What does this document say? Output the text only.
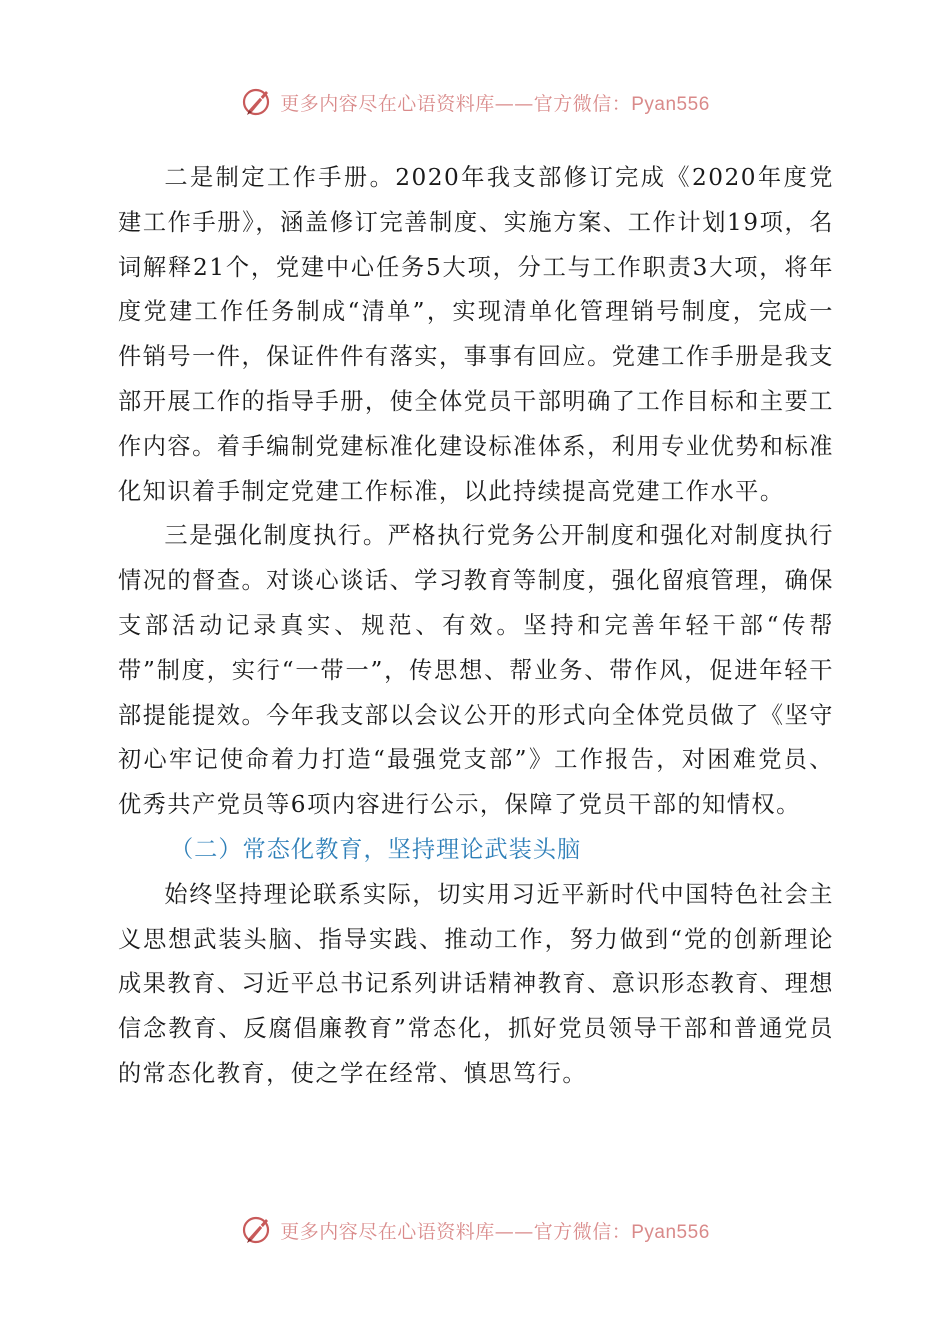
更多内容尽在心语资料库——官方微信：Pyan556

二是制定工作手册。2020年我支部修订完成《2020年度党建工作手册》，涵盖修订完善制度、实施方案、工作计划19项，名词解释21个，党建中心任务5大项，分工与工作职责3大项，将年度党建工作任务制成“清单”，实现清单化管理销号制度，完成一件销号一件，保证件件有落实，事事有回应。党建工作手册是我支部开展工作的指导手册，使全体党员干部明确了工作目标和主要工作内容。着手编制党建标准化建设标准体系，利用专业优势和标准化知识着手制定党建工作标准，以此持续提高党建工作水平。

三是强化制度执行。严格执行党务公开制度和强化对制度执行情况的督查。对谈心谈话、学习教育等制度，强化留痕管理，确保支部活动记录真实、规范、有效。坚持和完善年轻干部“传帮带”制度，实行“一带一”，传思想、帮业务、带作风，促进年轻干部提能提效。今年我支部以会议公开的形式向全体党员做了《坚守初心牢记使命着力打造“最强党支部”》工作报告，对困难党员、优秀共产党员等6项内容进行公示，保障了党员干部的知情权。

（二）常态化教育，坚持理论武装头脑

始终坚持理论联系实际，切实用习近平新时代中国特色社会主义思想武装头脑、指导实践、推动工作，努力做到“党的创新理论成果教育、习近平总书记系列讲话精神教育、意识形态教育、理想信念教育、反腐倡廉教育”常态化，抓好党员领导干部和普通党员的常态化教育，使之学在经常、慎思笃行。

更多内容尽在心语资料库——官方微信：Pyan556
